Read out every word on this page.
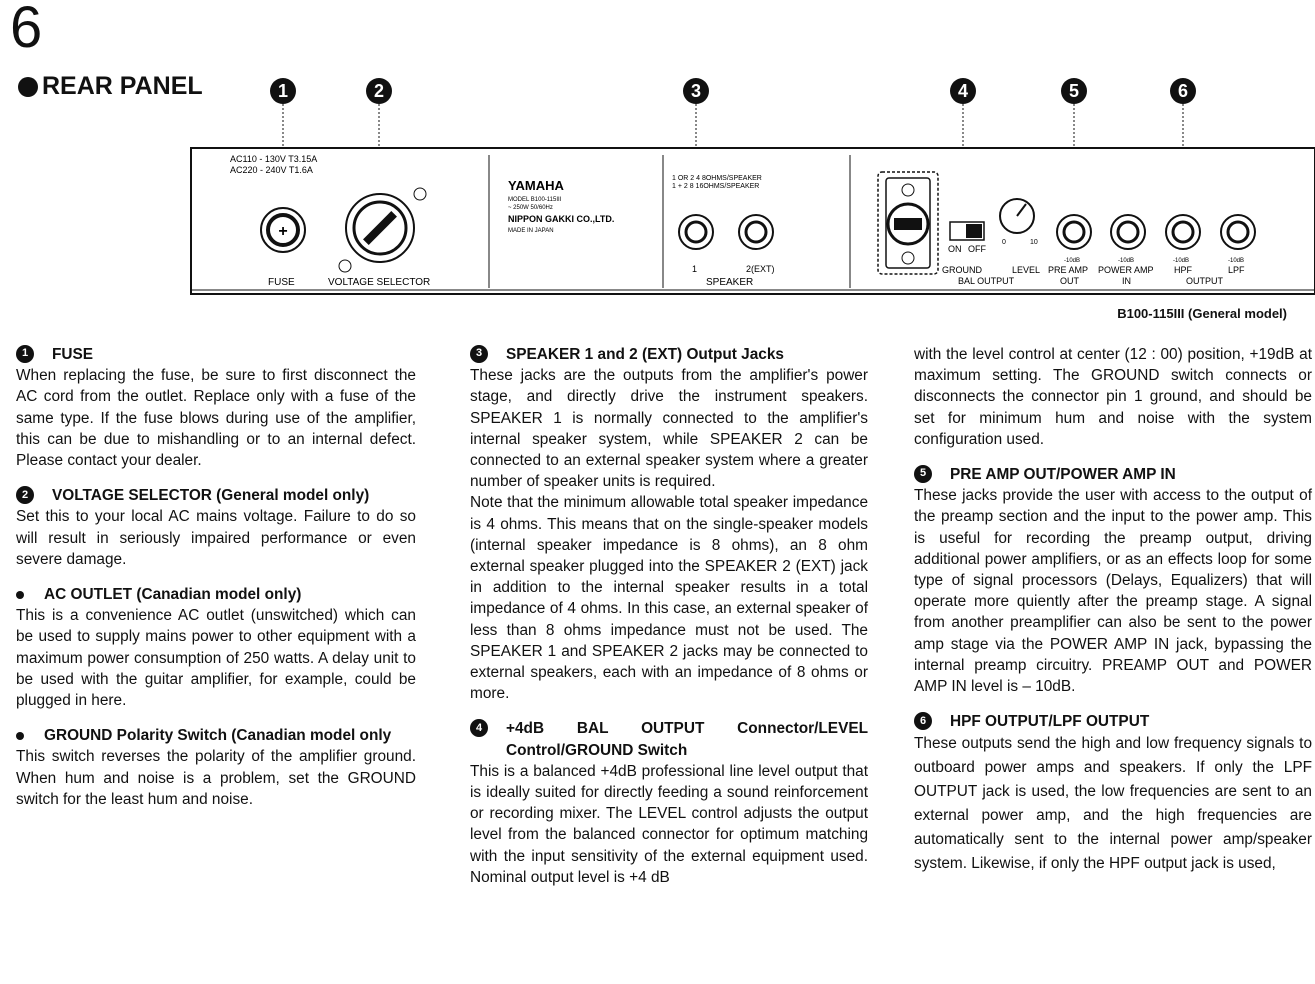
6
REAR PANEL	1	2	3	4	5	6
+
AC110 - 130V T3.15A
AC220 - 240V T1.6A
FUSE	VOLTAGE SELECTOR
YAMAHA
MODEL B100-115III
~ 250W 50/60Hz
NIPPON GAKKI CO.,LTD.
MADE IN JAPAN
1 OR 2 4 8OHMS/SPEAKER
1 + 2 8 16OHMS/SPEAKER
1	2(EXT)
SPEAKER
ON OFF
0	10
GROUND	LEVEL
BAL OUTPUT
PRE AMP
OUT
POWER AMP
IN
HPF	LPF
OUTPUT
-10dB	-10dB	-10dB	-10dB
B100-115III (General model)
1	FUSE

When replacing the fuse, be sure to first disconnect the AC cord from the outlet. Replace only with a fuse of the same type. If the fuse blows during use of the amplifier, this can be due to mishandling or to an internal defect. Please contact your dealer.

2	VOLTAGE SELECTOR (General model only)

Set this to your local AC mains voltage. Failure to do so will result in seriously impaired performance or even severe damage.

AC OUTLET (Canadian model only)

This is a convenience AC outlet (unswitched) which can be used to supply mains power to other equipment with a maximum power consumption of 250 watts. A delay unit to be used with the guitar amplifier, for example, could be plugged in here.

GROUND Polarity Switch (Canadian model only

This switch reverses the polarity of the amplifier ground. When hum and noise is a problem, set the GROUND switch for the least hum and noise.

3	SPEAKER 1 and 2 (EXT) Output Jacks

These jacks are the outputs from the amplifier's power stage, and directly drive the instrument speakers. SPEAKER 1 is normally connected to the amplifier's internal speaker system, while SPEAKER 2 can be connected to an external speaker system where a greater number of speaker units is required.

Note that the minimum allowable total speaker impedance is 4 ohms. This means that on the single-speaker models (internal speaker impedance is 8 ohms), an 8 ohm external speaker plugged into the SPEAKER 2 (EXT) jack in addition to the internal speaker results in a total impedance of 4 ohms. In this case, an external speaker of less than 8 ohms impedance must not be used. The SPEAKER 1 and SPEAKER 2 jacks may be connected to external speakers, each with an impedance of 8 ohms or more.

4	+4dB BAL OUTPUT Connector/LEVEL Control/GROUND Switch

This is a balanced +4dB professional line level output that is ideally suited for directly feeding a sound reinforcement or recording mixer. The LEVEL control adjusts the output level from the balanced connector for optimum matching with the input sensitivity of the external equipment used. Nominal output level is +4 dB

with the level control at center (12 : 00) position, +19dB at maximum setting. The GROUND switch connects or disconnects the connector pin 1 ground, and should be set for minimum hum and noise with the system configuration used.

5	PRE AMP OUT/POWER AMP IN

These jacks provide the user with access to the output of the preamp section and the input to the power amp. This is useful for recording the preamp output, driving additional power amplifiers, or as an effects loop for some type of signal processors (Delays, Equalizers) that will operate more quiently after the preamp stage. A signal from another preamplifier can also be sent to the power amp stage via the POWER AMP IN jack, bypassing the internal preamp circuitry. PREAMP OUT and POWER AMP IN level is – 10dB.

6	HPF OUTPUT/LPF OUTPUT

These outputs send the high and low frequency signals to outboard power amps and speakers. If only the LPF OUTPUT jack is used, the low frequencies are sent to an external power amp, and the high frequencies are automatically sent to the internal power amp/speaker system. Likewise, if only the HPF output jack is used,
